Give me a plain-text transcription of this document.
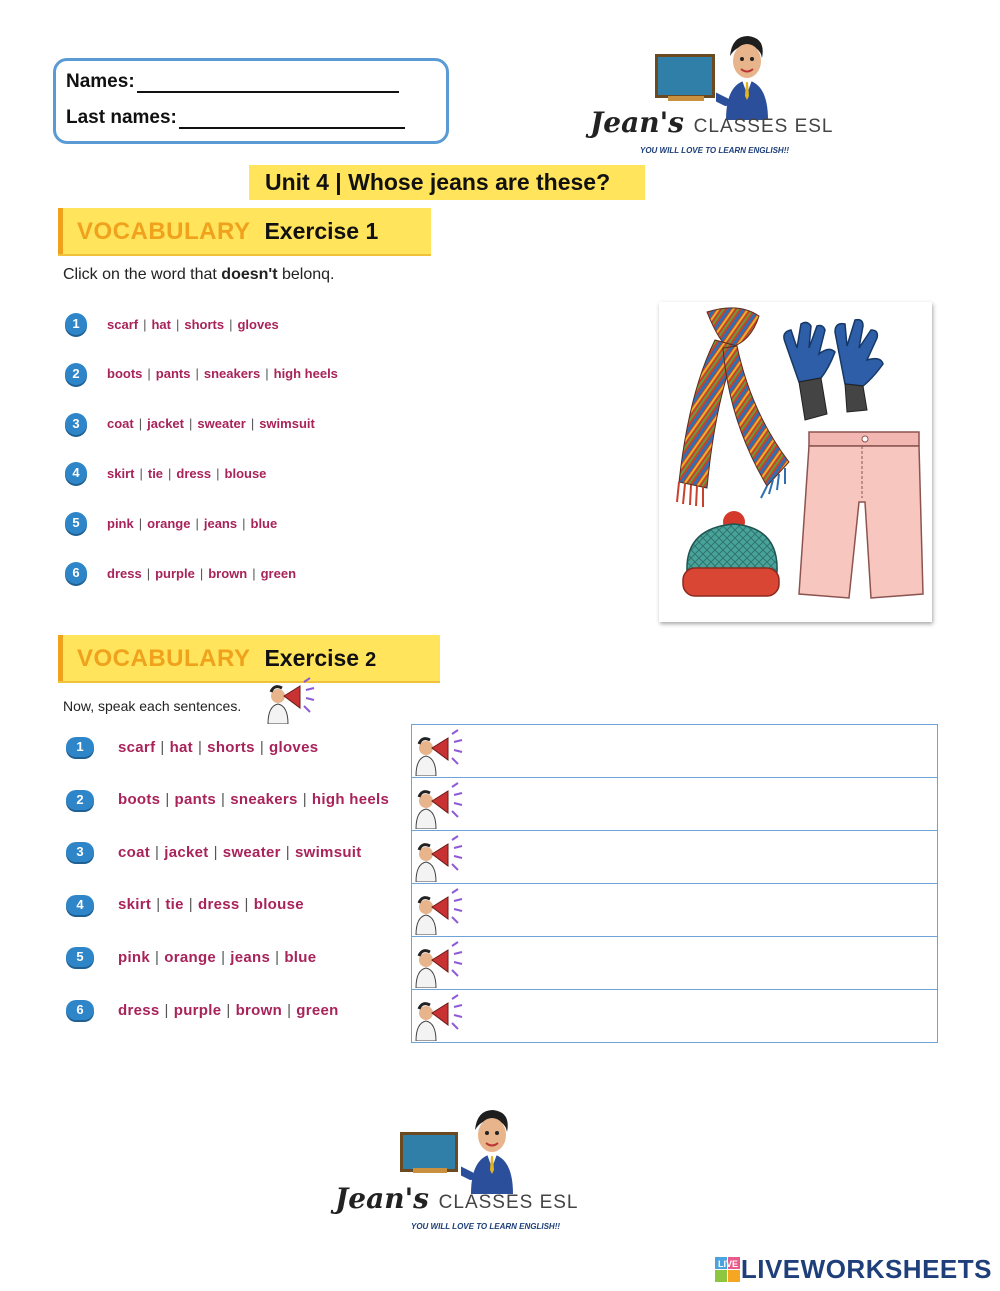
Names:
Last names:	Jean's CLASSES ESL
YOU WILL LOVE TO LEARN ENGLISH!!
Unit 4 | Whose jeans are these?
VOCABULARY Exercise 1
Click on the word that doesn't belonq.
1	scarf | hat | shorts | gloves
2	boots | pants | sneakers | high heels
3	coat | jacket | sweater | swimsuit
4	skirt | tie | dress | blouse
5	pink | orange | jeans | blue
6	dress | purple | brown | green
VOCABULARY Exercise 2
Now, speak each sentences.
1	scarf | hat | shorts | gloves
2	boots | pants | sneakers | high heels
3	coat | jacket | sweater | swimsuit
4	skirt | tie | dress | blouse
5	pink | orange | jeans | blue
6	dress | purple | brown | green

Jean's CLASSES ESL
YOU WILL LOVE TO LEARN ENGLISH!!
LIVE LIVEWORKSHEETS
